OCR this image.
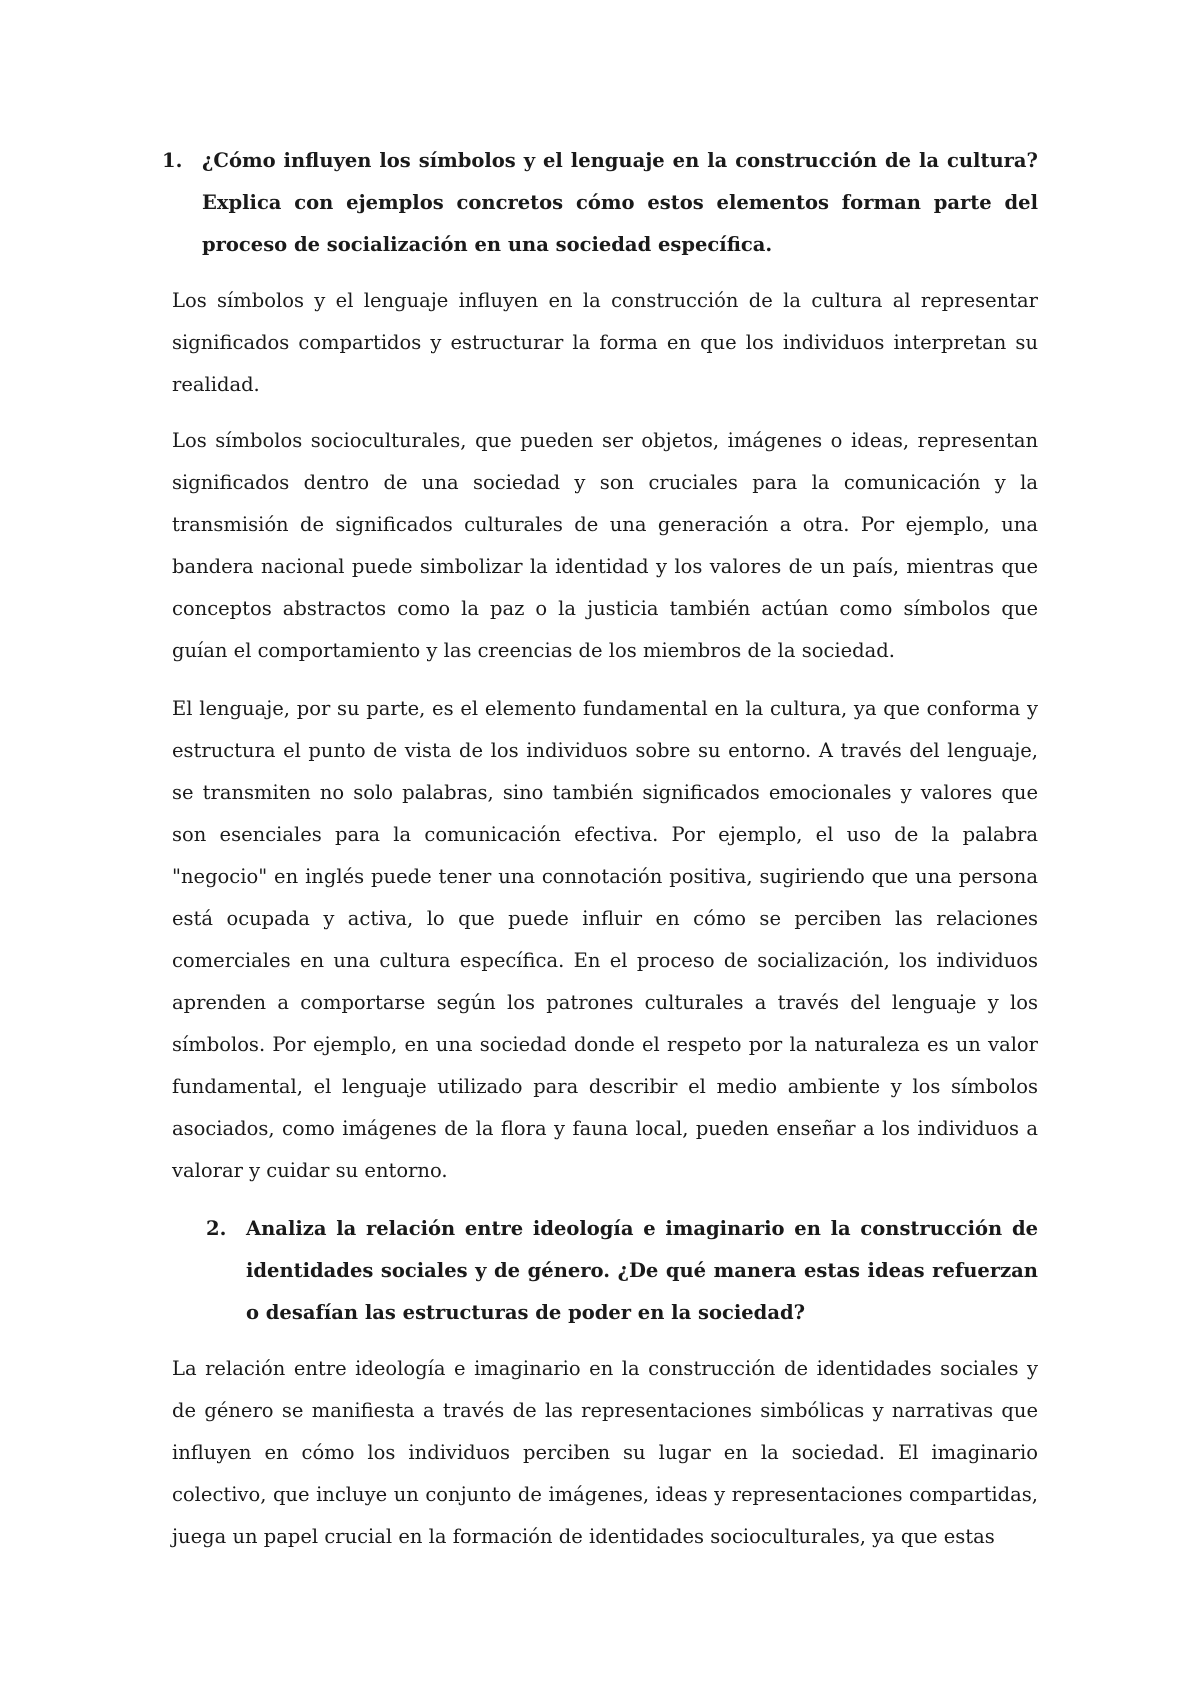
1. ¿Cómo influyen los símbolos y el lenguaje en la construcción de la cultura? Explica con ejemplos concretos cómo estos elementos forman parte del proceso de socialización en una sociedad específica.

Los símbolos y el lenguaje influyen en la construcción de la cultura al representar significados compartidos y estructurar la forma en que los individuos interpretan su realidad.

Los símbolos socioculturales, que pueden ser objetos, imágenes o ideas, representan significados dentro de una sociedad y son cruciales para la comunicación y la transmisión de significados culturales de una generación a otra. Por ejemplo, una bandera nacional puede simbolizar la identidad y los valores de un país, mientras que conceptos abstractos como la paz o la justicia también actúan como símbolos que guían el comportamiento y las creencias de los miembros de la sociedad.

El lenguaje, por su parte, es el elemento fundamental en la cultura, ya que conforma y estructura el punto de vista de los individuos sobre su entorno. A través del lenguaje, se transmiten no solo palabras, sino también significados emocionales y valores que son esenciales para la comunicación efectiva. Por ejemplo, el uso de la palabra "negocio" en inglés puede tener una connotación positiva, sugiriendo que una persona está ocupada y activa, lo que puede influir en cómo se perciben las relaciones comerciales en una cultura específica. En el proceso de socialización, los individuos aprenden a comportarse según los patrones culturales a través del lenguaje y los símbolos. Por ejemplo, en una sociedad donde el respeto por la naturaleza es un valor fundamental, el lenguaje utilizado para describir el medio ambiente y los símbolos asociados, como imágenes de la flora y fauna local, pueden enseñar a los individuos a valorar y cuidar su entorno.

2. Analiza la relación entre ideología e imaginario en la construcción de identidades sociales y de género. ¿De qué manera estas ideas refuerzan o desafían las estructuras de poder en la sociedad?

La relación entre ideología e imaginario en la construcción de identidades sociales y de género se manifiesta a través de las representaciones simbólicas y narrativas que influyen en cómo los individuos perciben su lugar en la sociedad. El imaginario colectivo, que incluye un conjunto de imágenes, ideas y representaciones compartidas, juega un papel crucial en la formación de identidades socioculturales, ya que estas
